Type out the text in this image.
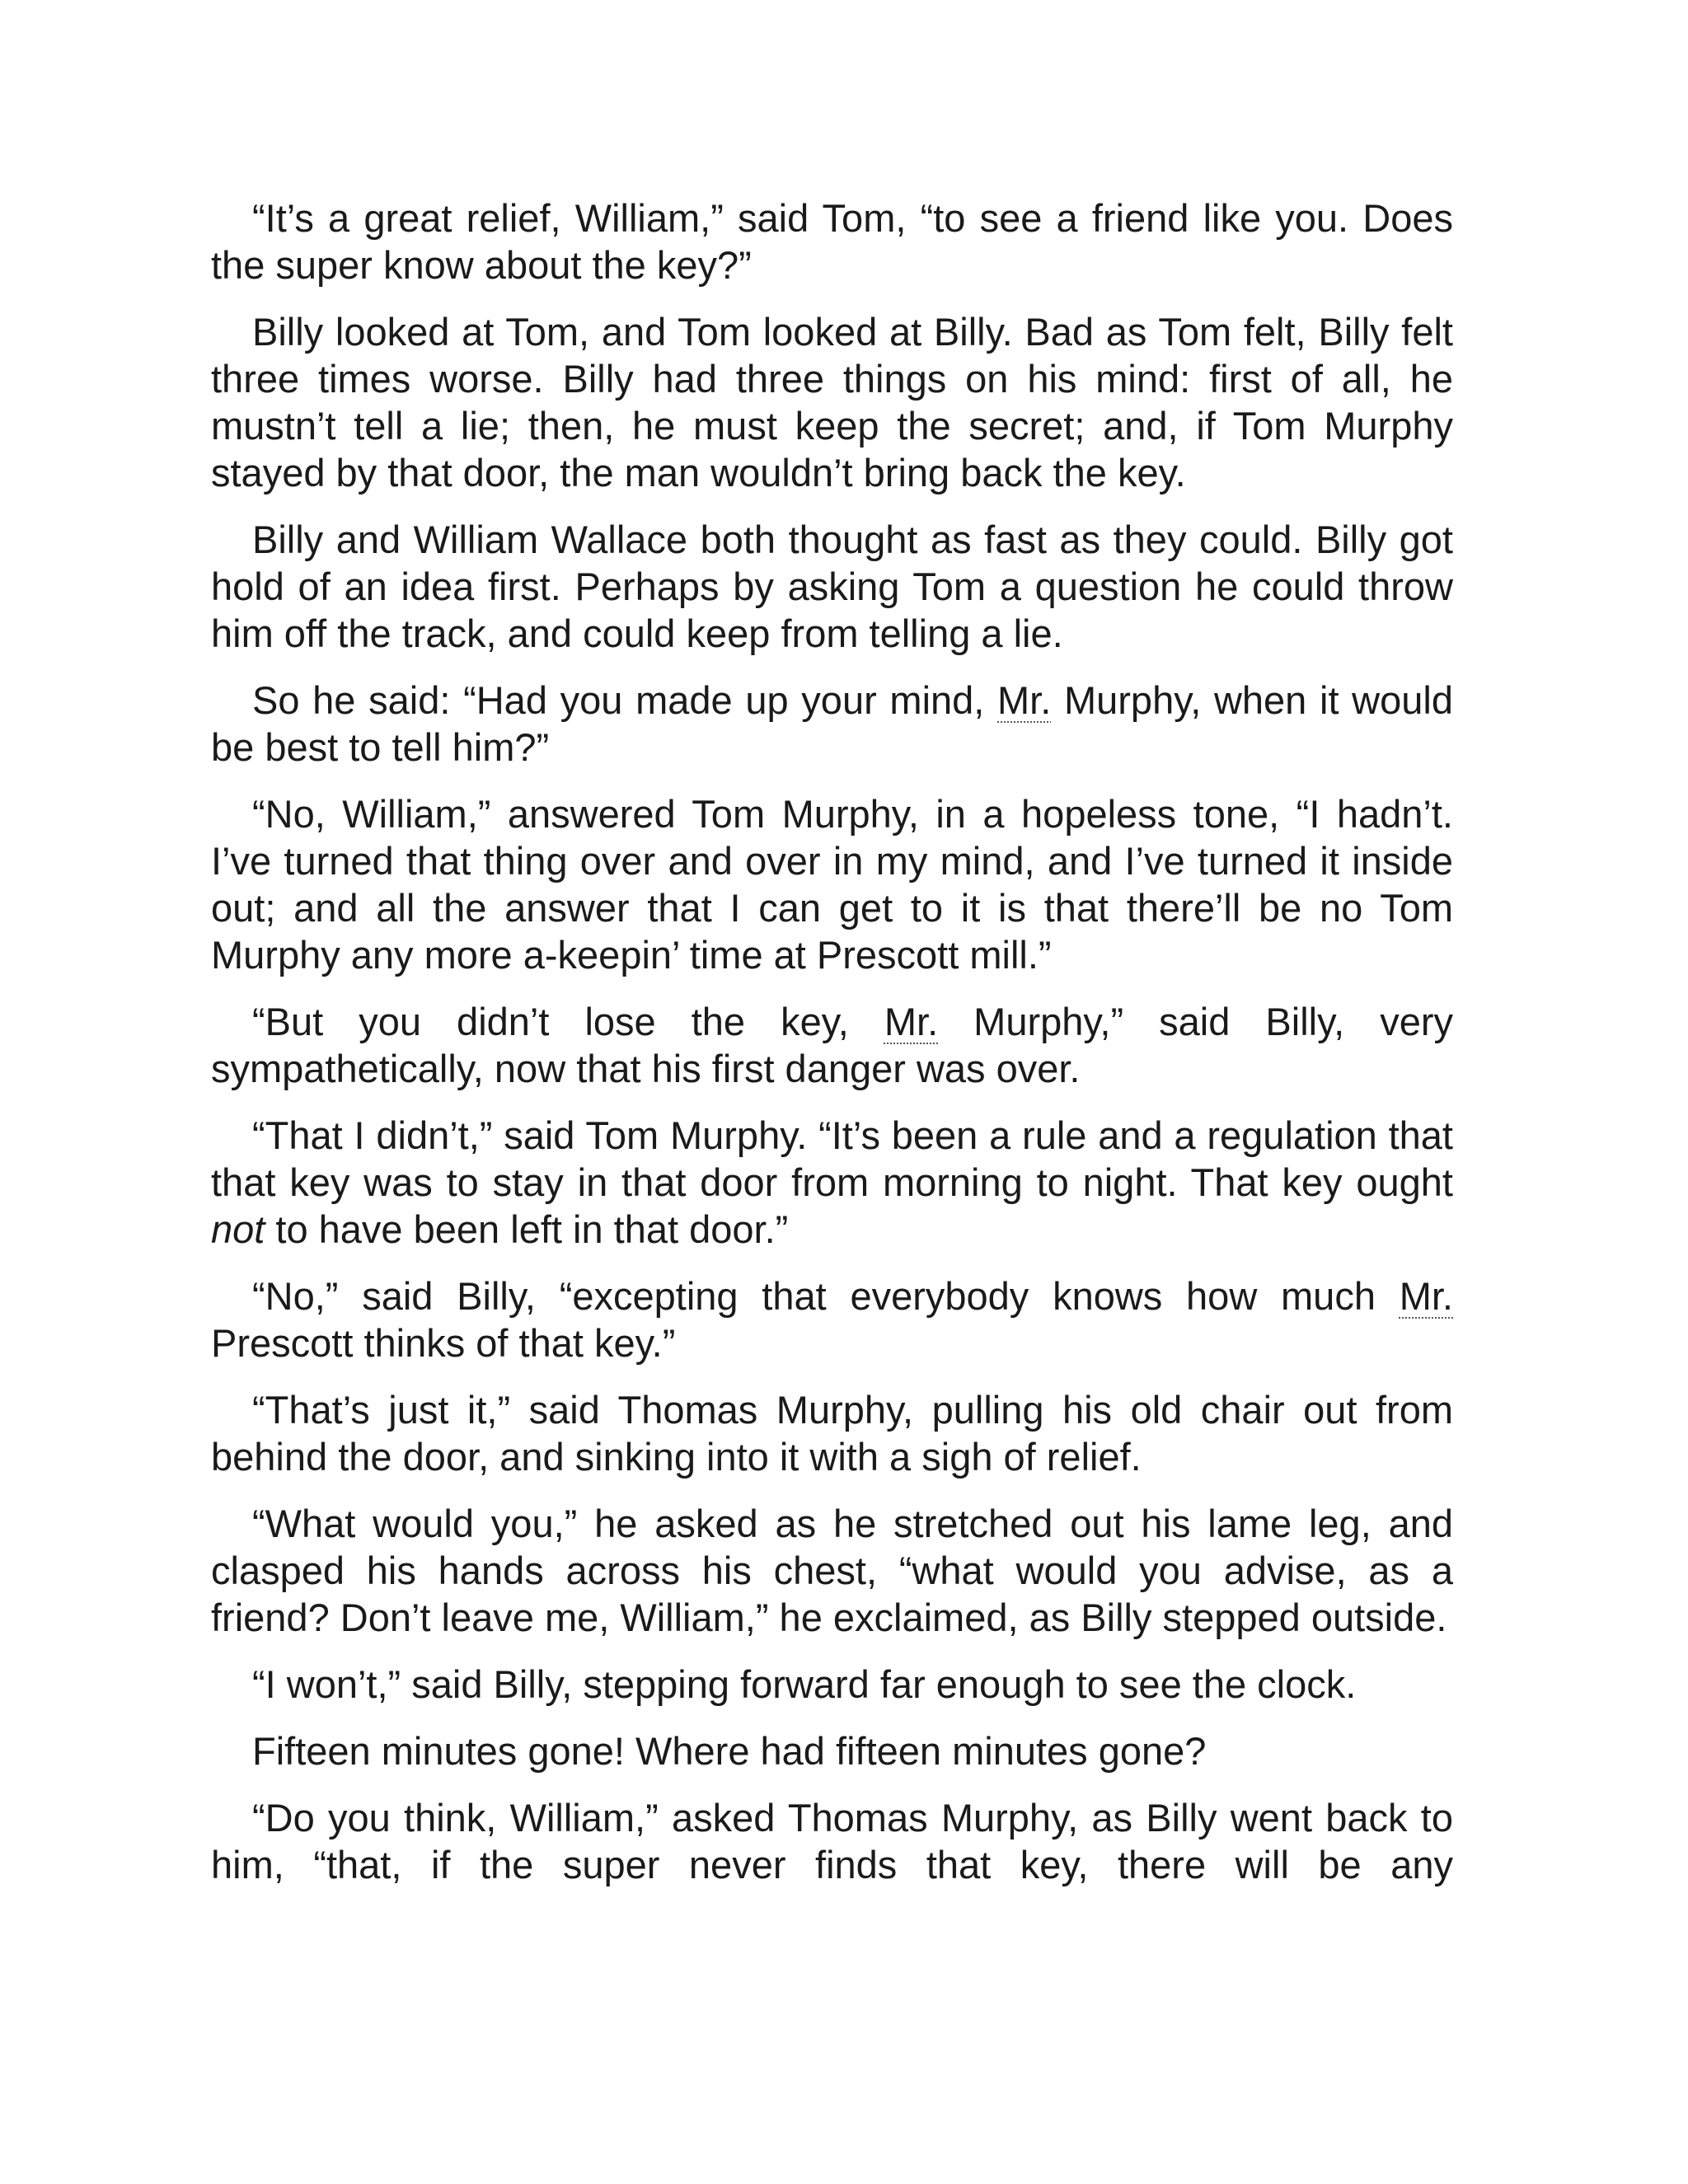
“It’s a great relief, William,” said Tom, “to see a friend like you. Does the super know about the key?”

Billy looked at Tom, and Tom looked at Billy. Bad as Tom felt, Billy felt three times worse. Billy had three things on his mind: first of all, he mustn’t tell a lie; then, he must keep the secret; and, if Tom Murphy stayed by that door, the man wouldn’t bring back the key.

Billy and William Wallace both thought as fast as they could. Billy got hold of an idea first. Perhaps by asking Tom a question he could throw him off the track, and could keep from telling a lie.

So he said: “Had you made up your mind, Mr. Murphy, when it would be best to tell him?”

“No, William,” answered Tom Murphy, in a hopeless tone, “I hadn’t. I’ve turned that thing over and over in my mind, and I’ve turned it inside out; and all the answer that I can get to it is that there’ll be no Tom Murphy any more a-keepin’ time at Prescott mill.”

“But you didn’t lose the key, Mr. Murphy,” said Billy, very sympathetically, now that his first danger was over.

“That I didn’t,” said Tom Murphy. “It’s been a rule and a regulation that that key was to stay in that door from morning to night. That key ought not to have been left in that door.”

“No,” said Billy, “excepting that everybody knows how much Mr. Prescott thinks of that key.”

“That’s just it,” said Thomas Murphy, pulling his old chair out from behind the door, and sinking into it with a sigh of relief.

“What would you,” he asked as he stretched out his lame leg, and clasped his hands across his chest, “what would you advise, as a friend? Don’t leave me, William,” he exclaimed, as Billy stepped outside.

“I won’t,” said Billy, stepping forward far enough to see the clock.

Fifteen minutes gone! Where had fifteen minutes gone?

“Do you think, William,” asked Thomas Murphy, as Billy went back to him, “that, if the super never finds that key, there will be any
